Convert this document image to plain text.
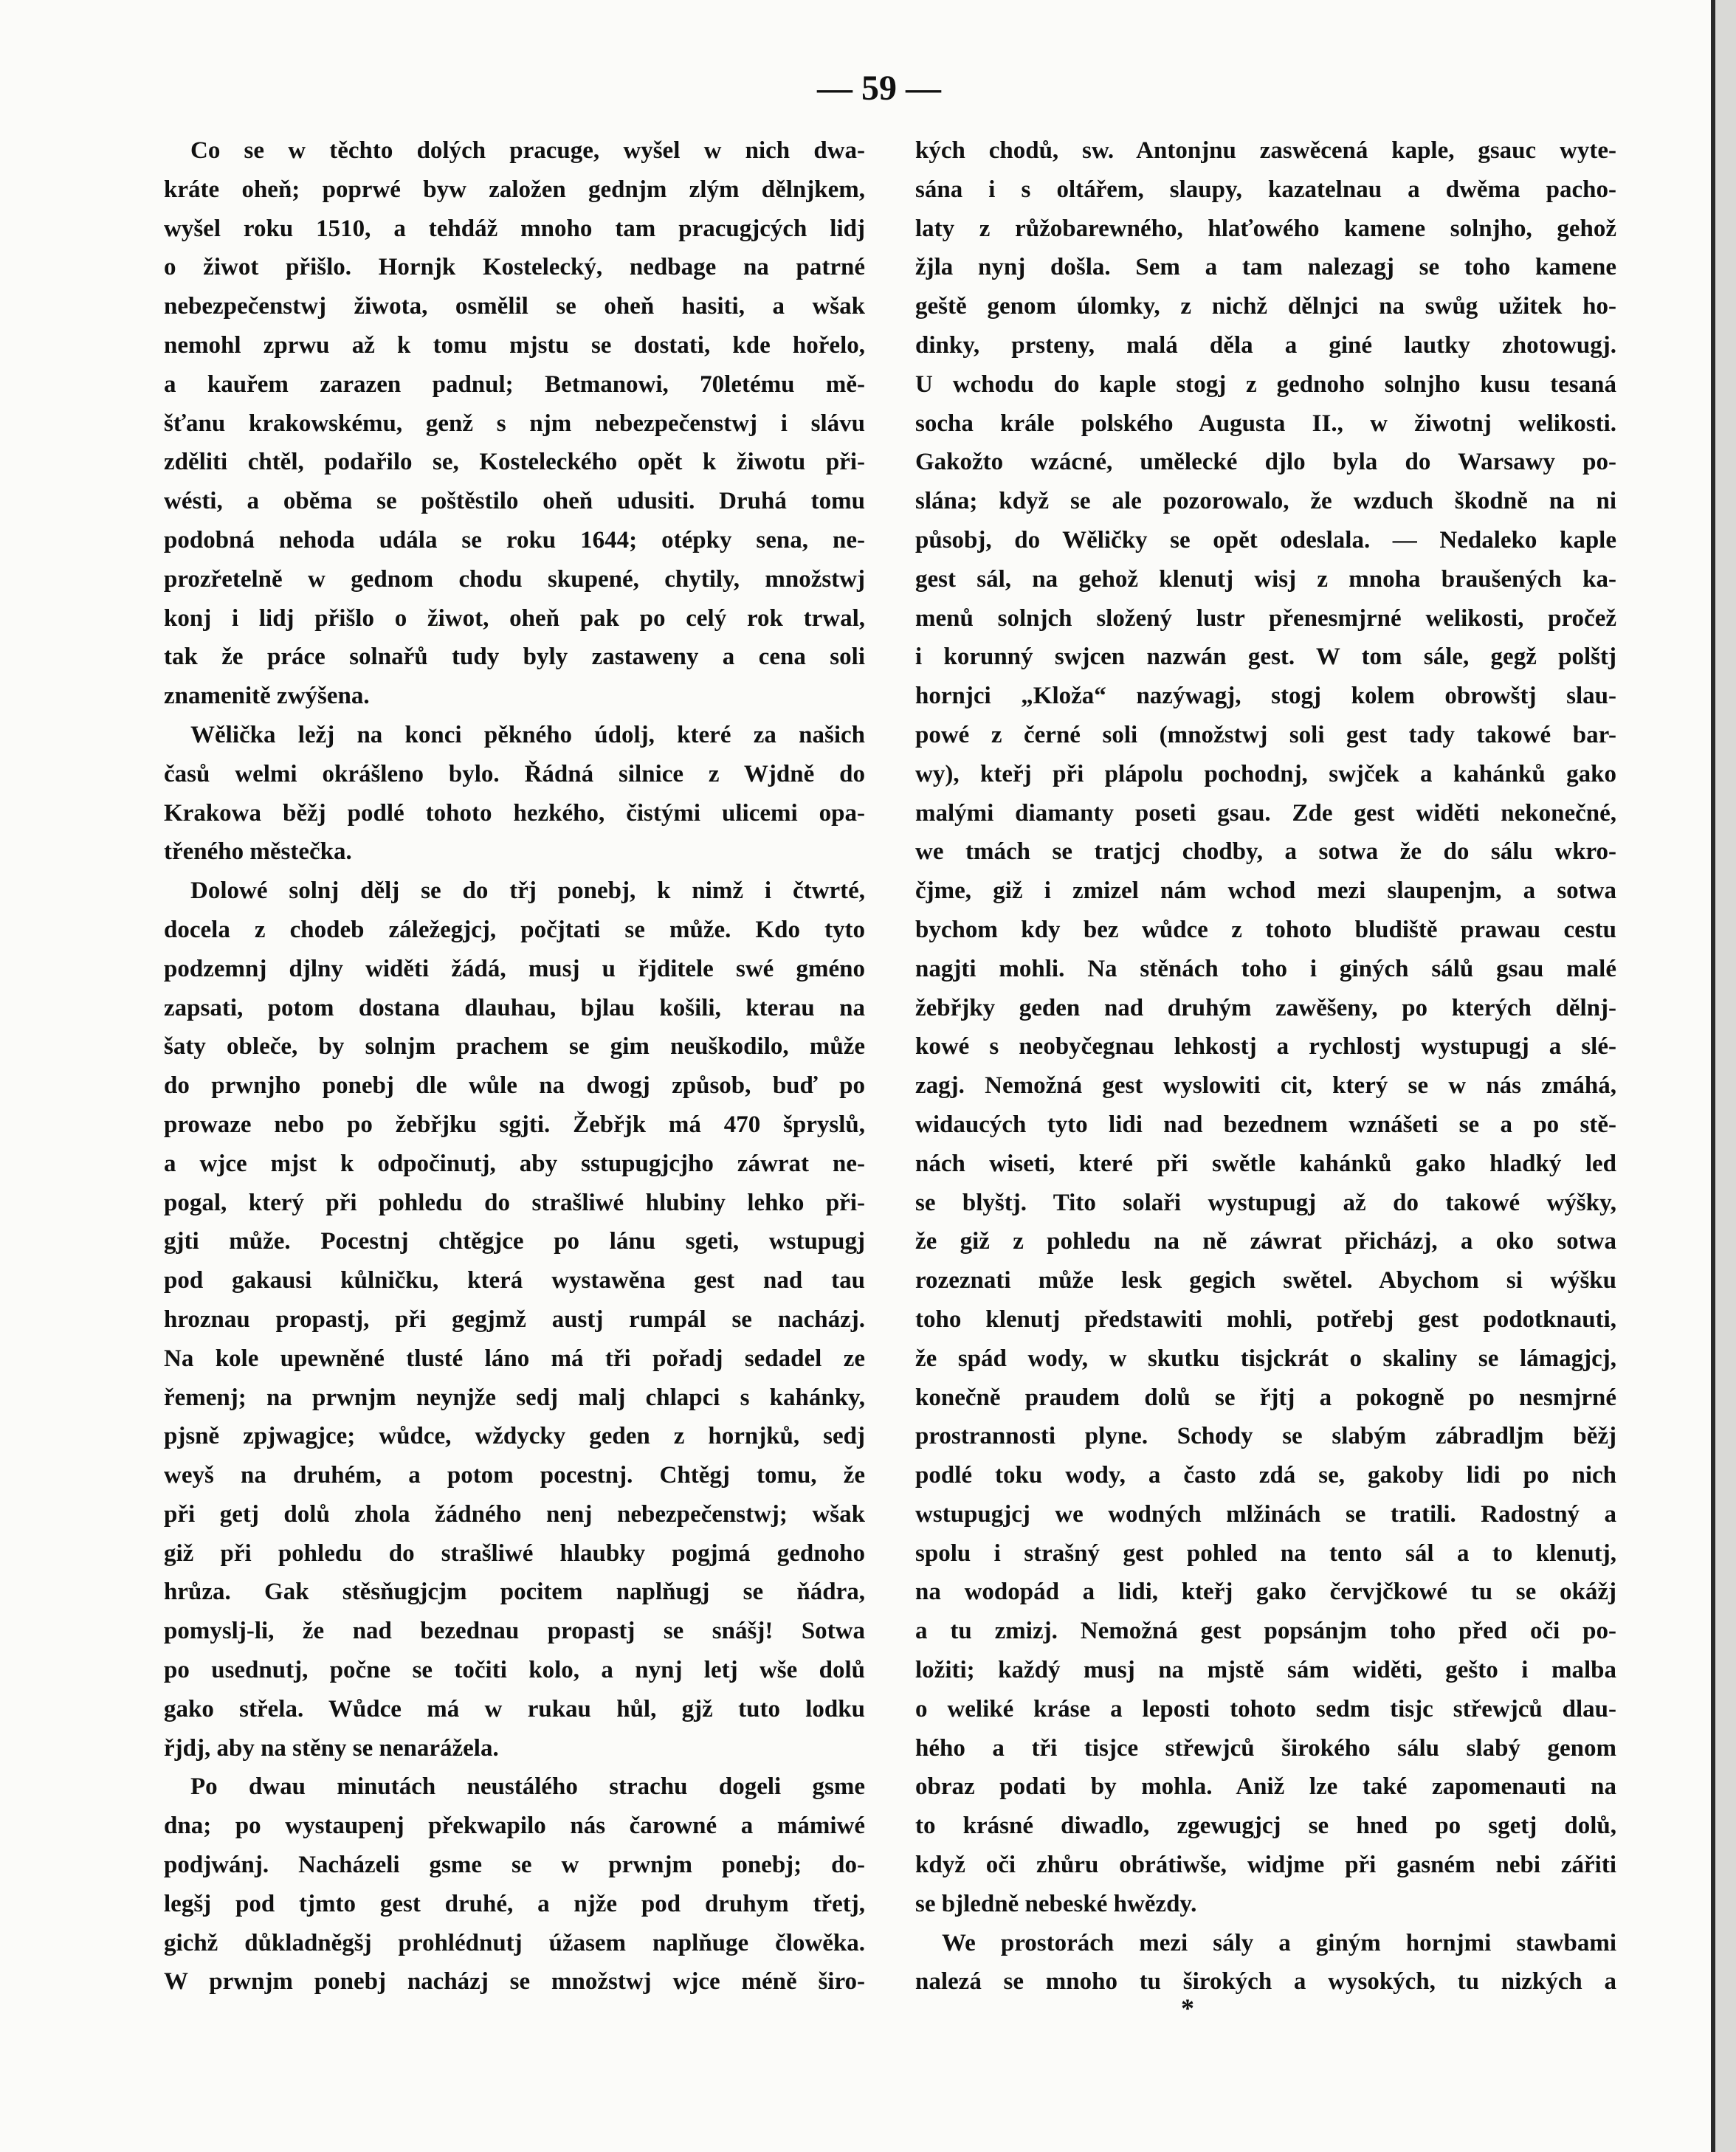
— 59 —
Co se w těchto dolých pracuge, wyšel w nich dwa-
kráte oheň; poprwé byw založen gednjm zlým dělnjkem,
wyšel roku 1510, a tehdáž mnoho tam pracugjcých lidj
o žiwot přišlo. Hornjk Kostelecký, nedbage na patrné
nebezpečenstwj žiwota, osmělil se oheň hasiti, a wšak
nemohl zprwu až k tomu mjstu se dostati, kde hořelo,
a kauřem zarazen padnul; Betmanowi, 70letému mě-
šťanu krakowskému, genž s njm nebezpečenstwj i slávu
zděliti chtěl, podařilo se, Kosteleckého opět k žiwotu při-
wésti, a oběma se poštěstilo oheň udusiti. Druhá tomu
podobná nehoda udála se roku 1644; otépky sena, ne-
prozřetelně w gednom chodu skupené, chytily, množstwj
konj i lidj přišlo o žiwot, oheň pak po celý rok trwal,
tak že práce solnařů tudy byly zastaweny a cena soli
znamenitě zwýšena.
Wělička ležj na konci pěkného údolj, které za našich
časů welmi okrášleno bylo. Řádná silnice z Wjdně do
Krakowa běžj podlé tohoto hezkého, čistými ulicemi opa-
třeného městečka.
Dolowé solnj dělj se do třj ponebj, k nimž i čtwrté,
docela z chodeb záležegjcj, počjtati se může. Kdo tyto
podzemnj djlny widěti žádá, musj u řjditele swé gméno
zapsati, potom dostana dlauhau, bjlau košili, kterau na
šaty obleče, by solnjm prachem se gim neuškodilo, může
do prwnjho ponebj dle wůle na dwogj způsob, buď po
prowaze nebo po žebřjku sgjti. Žebřjk má 470 špryslů,
a wjce mjst k odpočinutj, aby sstupugjcjho záwrat ne-
pogal, který při pohledu do strašliwé hlubiny lehko při-
gjti může. Pocestnj chtěgjce po lánu sgeti, wstupugj
pod gakausi kůlničku, která wystawěna gest nad tau
hroznau propastj, při gegjmž austj rumpál se nacházj.
Na kole upewněné tlusté láno má tři pořadj sedadel ze
řemenj; na prwnjm neynjže sedj malj chlapci s kahánky,
pjsně zpjwagjce; wůdce, wždycky geden z hornjků, sedj
weyš na druhém, a potom pocestnj. Chtěgj tomu, že
při getj dolů zhola žádného nenj nebezpečenstwj; wšak
giž při pohledu do strašliwé hlaubky pogjmá gednoho
hrůza. Gak stěsňugjcjm pocitem naplňugj se ňádra,
pomyslj-li, že nad bezednau propastj se snášj! Sotwa
po usednutj, počne se točiti kolo, a nynj letj wše dolů
gako střela. Wůdce má w rukau hůl, gjž tuto lodku
řjdj, aby na stěny se nenarážela.
Po dwau minutách neustálého strachu dogeli gsme
dna; po wystaupenj překwapilo nás čarowné a mámiwé
podjwánj. Nacházeli gsme se w prwnjm ponebj; do-
legšj pod tjmto gest druhé, a njže pod druhym třetj,
gichž důkladněgšj prohlédnutj úžasem naplňuge člowěka.
W prwnjm ponebj nacházj se množstwj wjce méně širo-
kých chodů, sw. Antonjnu zaswěcená kaple, gsauc wyte-
sána i s oltářem, slaupy, kazatelnau a dwěma pacho-
laty z růžobarewného, hlaťowého kamene solnjho, gehož
žjla nynj došla. Sem a tam nalezagj se toho kamene
geště genom úlomky, z nichž dělnjci na swůg užitek ho-
dinky, prsteny, malá děla a giné lautky zhotowugj.
U wchodu do kaple stogj z gednoho solnjho kusu tesaná
socha krále polského Augusta II., w žiwotnj welikosti.
Gakožto wzácné, umělecké djlo byla do Warsawy po-
slána; když se ale pozorowalo, že wzduch škodně na ni
působj, do Wěličky se opět odeslala. — Nedaleko kaple
gest sál, na gehož klenutj wisj z mnoha braušených ka-
menů solnjch složený lustr přenesmjrné welikosti, pročež
i korunný swjcen nazwán gest. W tom sále, gegž polštj
hornjci „Kloža“ nazýwagj, stogj kolem obrowštj slau-
powé z černé soli (množstwj soli gest tady takowé bar-
wy), kteřj při plápolu pochodnj, swjček a kahánků gako
malými diamanty poseti gsau. Zde gest widěti nekonečné,
we tmách se tratjcj chodby, a sotwa že do sálu wkro-
čjme, giž i zmizel nám wchod mezi slaupenjm, a sotwa
bychom kdy bez wůdce z tohoto bludiště prawau cestu
nagjti mohli. Na stěnách toho i giných sálů gsau malé
žebřjky geden nad druhým zawěšeny, po kterých dělnj-
kowé s neobyčegnau lehkostj a rychlostj wystupugj a slé-
zagj. Nemožná gest wyslowiti cit, který se w nás zmáhá,
widaucých tyto lidi nad bezednem wznášeti se a po stě-
nách wiseti, které při swětle kahánků gako hladký led
se blyštj. Tito solaři wystupugj až do takowé wýšky,
že giž z pohledu na ně záwrat přicházj, a oko sotwa
rozeznati může lesk gegich swětel. Abychom si wýšku
toho klenutj předstawiti mohli, potřebj gest podotknauti,
že spád wody, w skutku tisjckrát o skaliny se lámagjcj,
konečně praudem dolů se řjtj a pokogně po nesmjrné
prostrannosti plyne. Schody se slabým zábradljm běžj
podlé toku wody, a často zdá se, gakoby lidi po nich
wstupugjcj we wodných mlžinách se tratili. Radostný a
spolu i strašný gest pohled na tento sál a to klenutj,
na wodopád a lidi, kteřj gako červjčkowé tu se okážj
a tu zmizj. Nemožná gest popsánjm toho před oči po-
ložiti; každý musj na mjstě sám widěti, gešto i malba
o weliké kráse a leposti tohoto sedm tisjc střewjců dlau-
hého a tři tisjce střewjců širokého sálu slabý genom
obraz podati by mohla. Aniž lze také zapomenauti na
to krásné diwadlo, zgewugjcj se hned po sgetj dolů,
když oči zhůru obrátiwše, widjme při gasném nebi zářiti
se bjledně nebeské hwězdy.
We prostorách mezi sály a giným hornjmi stawbami
nalezá se mnoho tu širokých a wysokých, tu nizkých a
*
